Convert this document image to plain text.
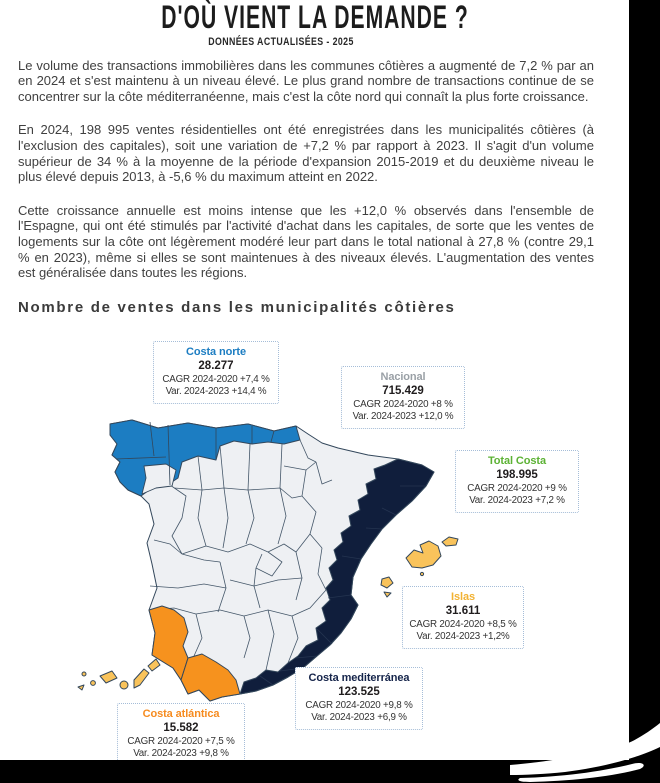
D'OÙ VIENT LA DEMANDE ?
DONNÉES ACTUALISÉES - 2025

Le volume des transactions immobilières dans les communes côtières a augmenté de 7,2 % par an en 2024 et s'est maintenu à un niveau élevé. Le plus grand nombre de transactions continue de se concentrer sur la côte méditerranéenne, mais c'est la côte nord qui connaît la plus forte croissance.

En 2024, 198 995 ventes résidentielles ont été enregistrées dans les municipalités côtières (à l'exclusion des capitales), soit une variation de +7,2 % par rapport à 2023. Il s'agit d'un volume supérieur de 34 % à la moyenne de la période d'expansion 2015-2019 et du deuxième niveau le plus élevé depuis 2013, à -5,6 % du maximum atteint en 2022.

Cette croissance annuelle est moins intense que les +12,0 % observés dans l'ensemble de l'Espagne, qui ont été stimulés par l'activité d'achat dans les capitales, de sorte que les ventes de logements sur la côte ont légèrement modéré leur part dans le total national à 27,8 % (contre 29,1 % en 2023), même si elles se sont maintenues à des niveaux élevés. L'augmentation des ventes est généralisée dans toutes les régions.

Nombre de ventes dans les municipalités côtières
Costa norte
28.277
CAGR 2024-2020 +7,4 %
Var. 2024-2023 +14,4 %
Nacional
715.429
CAGR 2024-2020 +8 %
Var. 2024-2023 +12,0 %
Total Costa
198.995
CAGR 2024-2020 +9 %
Var. 2024-2023 +7,2 %
Islas
31.611
CAGR 2024-2020 +8,5 %
Var. 2024-2023 +1,2%
Costa mediterránea
123.525
CAGR 2024-2020 +9,8 %
Var. 2024-2023 +6,9 %
Costa atlántica
15.582
CAGR 2024-2020 +7,5 %
Var. 2024-2023 +9,8 %
